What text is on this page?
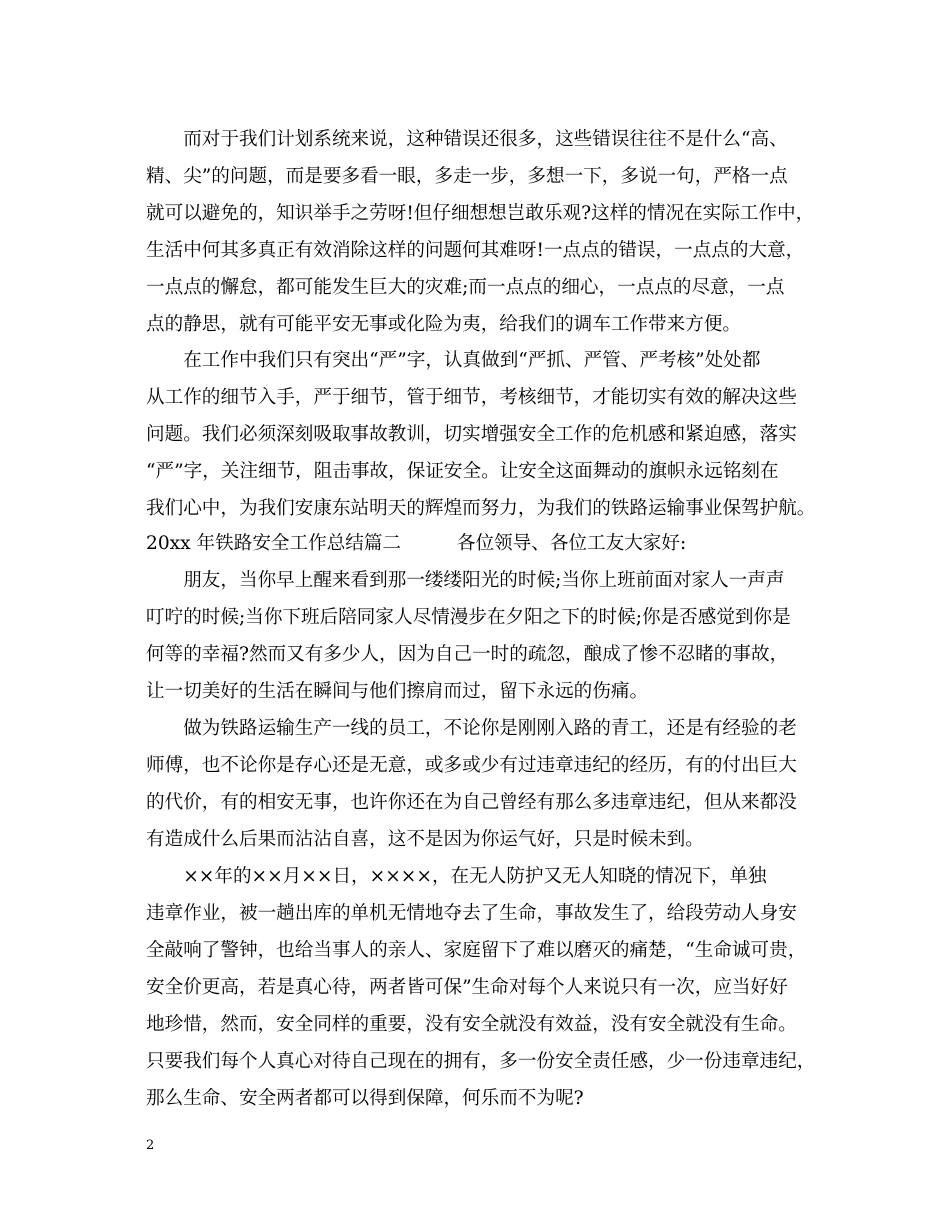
　　而对于我们计划系统来说，这种错误还很多，这些错误往往不是什么“高、
精、尖”的问题，而是要多看一眼，多走一步，多想一下，多说一句，严格一点
就可以避免的，知识举手之劳呀!但仔细想想岂敢乐观?这样的情况在实际工作中，
生活中何其多真正有效消除这样的问题何其难呀!一点点的错误，一点点的大意，
一点点的懈怠，都可能发生巨大的灾难;而一点点的细心，一点点的尽意，一点
点的静思，就有可能平安无事或化险为夷，给我们的调车工作带来方便。
　　在工作中我们只有突出“严”字，认真做到“严抓、严管、严考核”处处都
从工作的细节入手，严于细节，管于细节，考核细节，才能切实有效的解决这些
问题。我们必须深刻吸取事故教训，切实增强安全工作的危机感和紧迫感，落实
“严”字，关注细节，阻击事故，保证安全。让安全这面舞动的旗帜永远铭刻在
我们心中，为我们安康东站明天的辉煌而努力，为我们的铁路运输事业保驾护航。
20xx 年铁路安全工作总结篇二　　　各位领导、各位工友大家好:
　　朋友，当你早上醒来看到那一缕缕阳光的时候;当你上班前面对家人一声声
叮咛的时候;当你下班后陪同家人尽情漫步在夕阳之下的时候;你是否感觉到你是
何等的幸福?然而又有多少人，因为自己一时的疏忽，酿成了惨不忍睹的事故，
让一切美好的生活在瞬间与他们擦肩而过，留下永远的伤痛。
　　做为铁路运输生产一线的员工，不论你是刚刚入路的青工，还是有经验的老
师傅，也不论你是存心还是无意，或多或少有过违章违纪的经历，有的付出巨大
的代价，有的相安无事，也许你还在为自己曾经有那么多违章违纪，但从来都没
有造成什么后果而沾沾自喜，这不是因为你运气好，只是时候未到。
　　××年的××月××日，××××，在无人防护又无人知晓的情况下，单独
违章作业，被一趟出库的单机无情地夺去了生命，事故发生了，给段劳动人身安
全敲响了警钟，也给当事人的亲人、家庭留下了难以磨灭的痛楚，“生命诚可贵，
安全价更高，若是真心待，两者皆可保”生命对每个人来说只有一次，应当好好
地珍惜，然而，安全同样的重要，没有安全就没有效益，没有安全就没有生命。
只要我们每个人真心对待自己现在的拥有，多一份安全责任感，少一份违章违纪，
那么生命、安全两者都可以得到保障，何乐而不为呢?
2
